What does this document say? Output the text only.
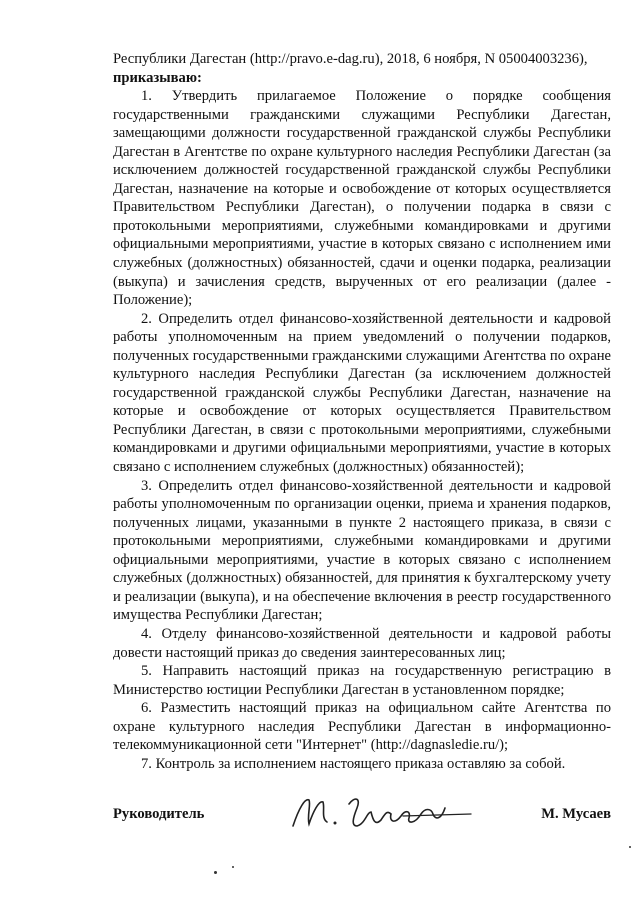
Республики Дагестан (http://pravo.e-dag.ru), 2018, 6 ноября, N 05004003236),

приказываю:

1. Утвердить прилагаемое Положение о порядке сообщения государственными гражданскими служащими Республики Дагестан, замещающими должности государственной гражданской службы Республики Дагестан в Агентстве по охране культурного наследия Республики Дагестан (за исключением должностей государственной гражданской службы Республики Дагестан, назначение на которые и освобождение от которых осуществляется Правительством Республики Дагестан), о получении подарка в связи с протокольными мероприятиями, служебными командировками и другими официальными мероприятиями, участие в которых связано с исполнением ими служебных (должностных) обязанностей, сдачи и оценки подарка, реализации (выкупа) и зачисления средств, вырученных от его реализации (далее - Положение);

2. Определить отдел финансово-хозяйственной деятельности и кадровой работы уполномоченным на прием уведомлений о получении подарков, полученных государственными гражданскими служащими Агентства по охране культурного наследия Республики Дагестан (за исключением должностей государственной гражданской службы Республики Дагестан, назначение на которые и освобождение от которых осуществляется Правительством Республики Дагестан, в связи с протокольными мероприятиями, служебными командировками и другими официальными мероприятиями, участие в которых связано с исполнением служебных (должностных) обязанностей);

3. Определить отдел финансово-хозяйственной деятельности и кадровой работы уполномоченным по организации оценки, приема и хранения подарков, полученных лицами, указанными в пункте 2 настоящего приказа, в связи с протокольными мероприятиями, служебными командировками и другими официальными мероприятиями, участие в которых связано с исполнением служебных (должностных) обязанностей, для принятия к бухгалтерскому учету и реализации (выкупа), и на обеспечение включения в реестр государственного имущества Республики Дагестан;

4. Отделу финансово-хозяйственной деятельности и кадровой работы довести настоящий приказ до сведения заинтересованных лиц;

5. Направить настоящий приказ на государственную регистрацию в Министерство юстиции Республики Дагестан в установленном порядке;

6. Разместить настоящий приказ на официальном сайте Агентства по охране культурного наследия Республики Дагестан в информационно-телекоммуникационной сети "Интернет" (http://dagnasledie.ru/);

7. Контроль за исполнением настоящего приказа оставляю за собой.

Руководитель	М. Мусаев
